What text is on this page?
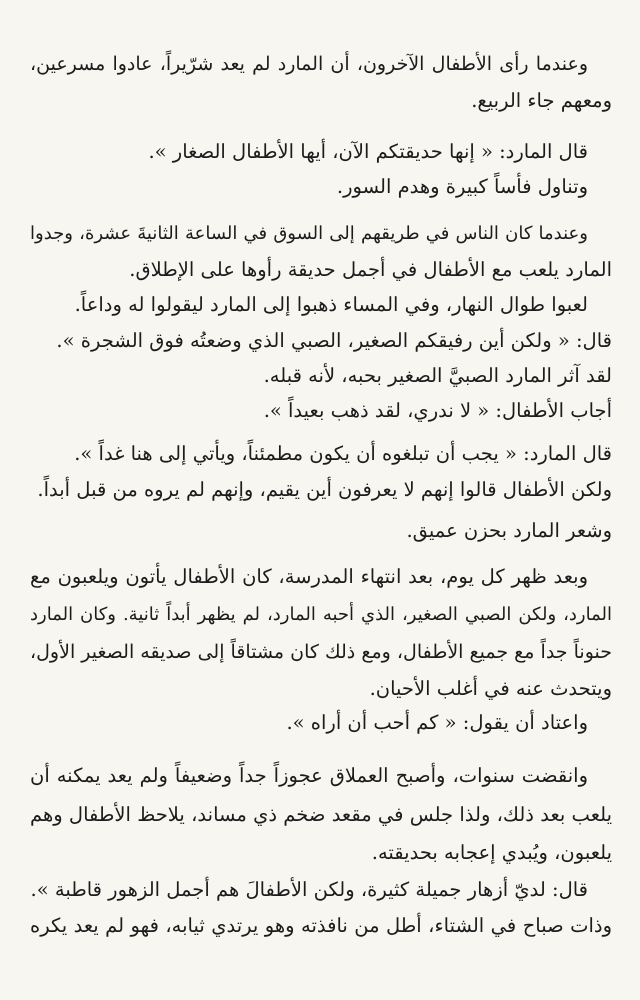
وعندما رأى الأطفال الآخرون، أن المارد لم يعد شرّيراً، عادوا مسرعين،
ومعهم جاء الربيع.
قال المارد: « إنها حديقتكم الآن، أيها الأطفال الصغار ».
وتناول فأساً كبيرة وهدم السور.
وعندما كان الناس في طريقهم إلى السوق في الساعة الثانيةَ عشرة، وجدوا
المارد يلعب مع الأطفال في أجمل حديقة رأوها على الإطلاق.
لعبوا طوال النهار، وفي المساء ذهبوا إلى المارد ليقولوا له وداعاً.
قال: « ولكن أين رفيقكم الصغير، الصبي الذي وضعتُه فوق الشجرة ».
لقد آثر المارد الصبيَّ الصغير بحبه، لأنه قبله.
أجاب الأطفال: « لا ندري، لقد ذهب بعيداً ».
قال المارد: « يجب أن تبلغوه أن يكون مطمئناً، ويأتي إلى هنا غداً ».
ولكن الأطفال قالوا إنهم لا يعرفون أين يقيم، وإنهم لم يروه من قبل أبداً.
وشعر المارد بحزن عميق.
وبعد ظهر كل يوم، بعد انتهاء المدرسة، كان الأطفال يأتون ويلعبون مع
المارد، ولكن الصبي الصغير، الذي أحبه المارد، لم يظهر أبداً ثانية. وكان المارد
حنوناً جداً مع جميع الأطفال، ومع ذلك كان مشتاقاً إلى صديقه الصغير الأول،
ويتحدث عنه في أغلب الأحيان.
واعتاد أن يقول: « كم أحب أن أراه ».
وانقضت سنوات، وأصبح العملاق عجوزاً جداً وضعيفاً ولم يعد يمكنه أن
يلعب بعد ذلك، ولذا جلس في مقعد ضخم ذي مساند، يلاحظ الأطفال وهم
يلعبون، ويُبدي إعجابه بحديقته.
قال: لديّ أزهار جميلة كثيرة، ولكن الأطفالَ هم أجمل الزهور قاطبة ».
وذات صباح في الشتاء، أطل من نافذته وهو يرتدي ثيابه، فهو لم يعد يكره
